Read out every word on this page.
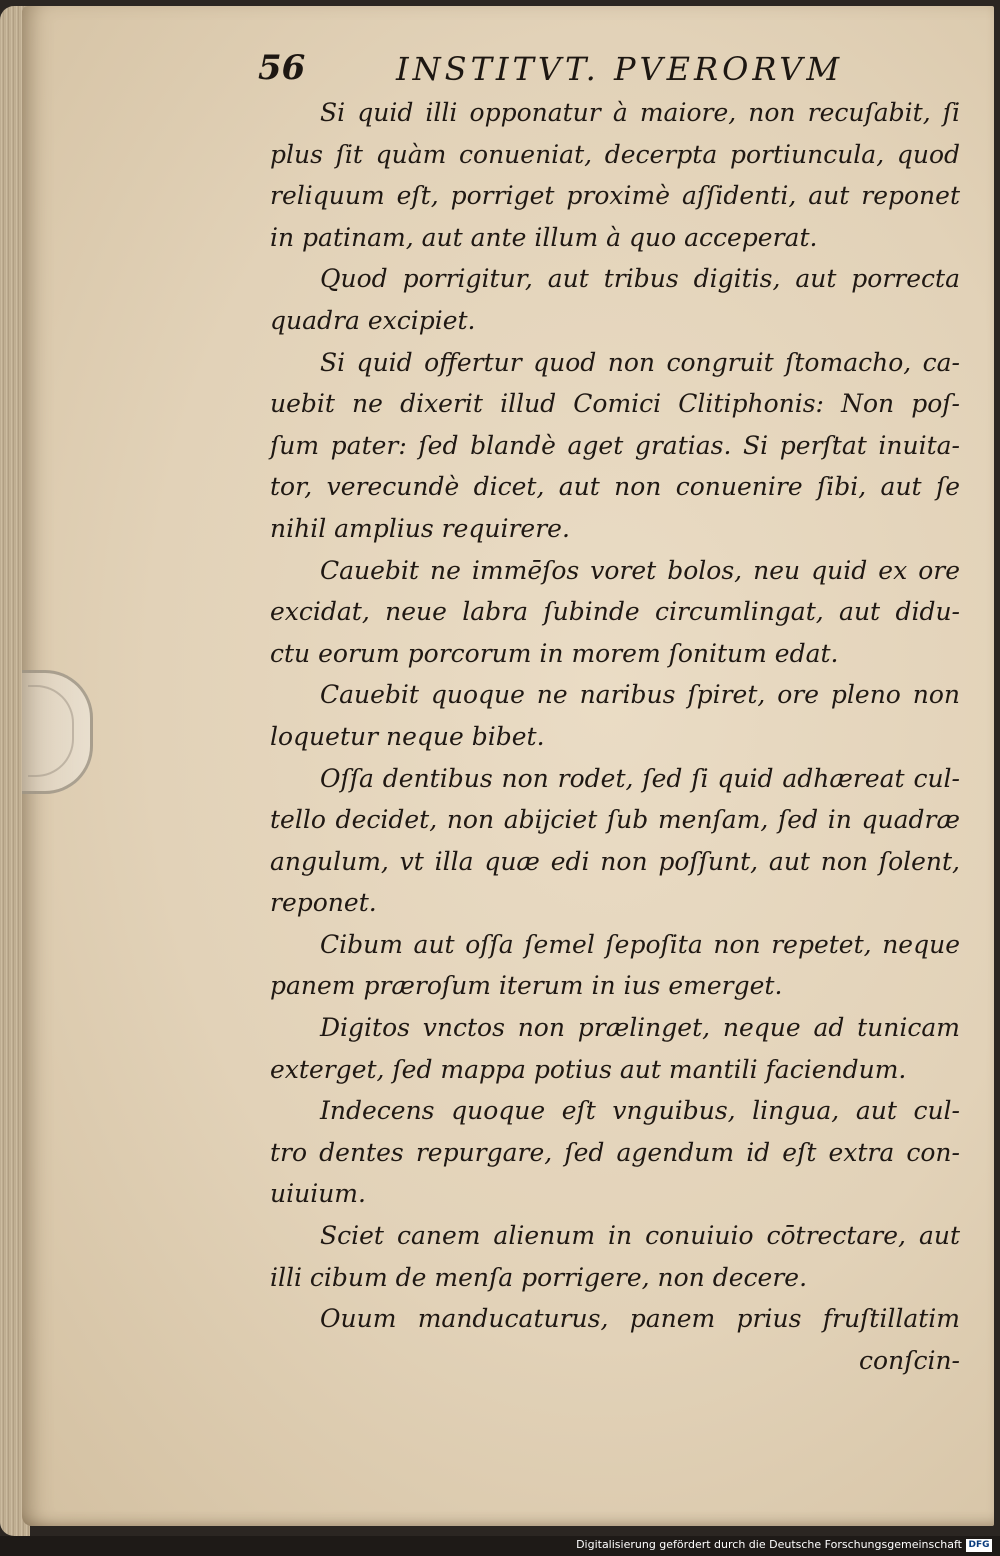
56	INSTITVT. PVERORVM
Si quid illi opponatur à maiore, non recuſabit, ſi
plus ſit quàm conueniat, decerpta portiuncula, quod
reliquum eſt, porriget proximè aſſidenti, aut reponet
in patinam, aut ante illum à quo acceperat.
Quod porrigitur, aut tribus digitis, aut porrecta
quadra excipiet.
Si quid offertur quod non congruit ſtomacho, ca-
uebit ne dixerit illud Comici Clitiphonis: Non poſ-
ſum pater: ſed blandè aget gratias. Si perſtat inuita-
tor, verecundè dicet, aut non conuenire ſibi, aut ſe
nihil amplius requirere.
Cauebit ne immēſos voret bolos, neu quid ex ore
excidat, neue labra ſubinde circumlingat, aut didu-
ctu eorum porcorum in morem ſonitum edat.
Cauebit quoque ne naribus ſpiret, ore pleno non
loquetur neque bibet.
Oſſa dentibus non rodet, ſed ſi quid adhæreat cul-
tello decidet, non abijciet ſub menſam, ſed in quadræ
angulum, vt illa quæ edi non poſſunt, aut non ſolent,
reponet.
Cibum aut oſſa ſemel ſepoſita non repetet, neque
panem præroſum iterum in ius emerget.
Digitos vnctos non prælinget, neque ad tunicam
exterget, ſed mappa potius aut mantili faciendum.
Indecens quoque eſt vnguibus, lingua, aut cul-
tro dentes repurgare, ſed agendum id eſt extra con-
uiuium.
Sciet canem alienum in conuiuio cōtrectare, aut
illi cibum de menſa porrigere, non decere.
Ouum manducaturus, panem prius fruſtillatim
conſcin-
Digitalisierung gefördert durch die Deutsche Forschungsgemeinschaft DFG
